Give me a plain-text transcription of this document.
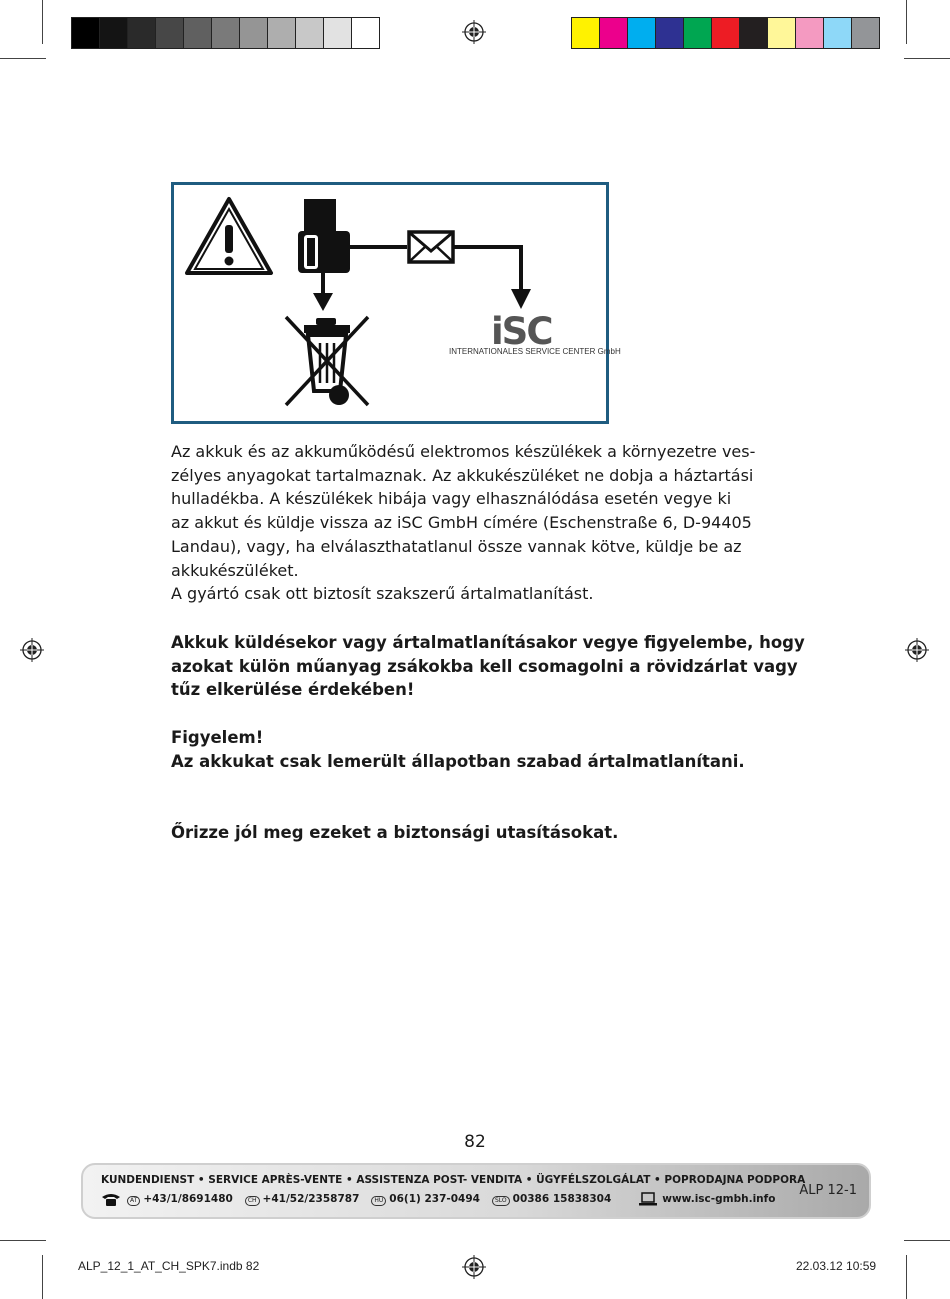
iSC
INTERNATIONALES SERVICE CENTER GmbH
Az akkuk és az akkuműködésű elektromos készülékek a környezetre ves-
zélyes anyagokat tartalmaznak. Az akkukészüléket ne dobja a háztartási
hulladékba. A készülékek hibája vagy elhasználódása esetén vegye ki
az akkut és küldje vissza az iSC GmbH címére (Eschenstraße 6, D-94405
Landau), vagy, ha elválaszthatatlanul össze vannak kötve, küldje be az
akkukészüléket.
A gyártó csak ott biztosít szakszerű ártalmatlanítást.
Akkuk küldésekor vagy ártalmatlanításakor vegye figyelembe, hogy
azokat külön műanyag zsákokba kell csomagolni a rövidzárlat vagy
tűz elkerülése érdekében!
Figyelem!
Az akkukat csak lemerült állapotban szabad ártalmatlanítani.
Őrizze jól meg ezeket a biztonsági utasításokat.
82
KUNDENDIENST • SERVICE APRÈS-VENTE • ASSISTENZA POST- VENDITA • ÜGYFÉLSZOLGÁLAT • POPRODAJNA PODPORA
AT +43/1/8691480	CH +41/52/2358787	HU 06(1) 237-0494	SLO 00386 15838304	www.isc-gmbh.info
ALP 12-1
ALP_12_1_AT_CH_SPK7.indb 82	22.03.12 10:59
